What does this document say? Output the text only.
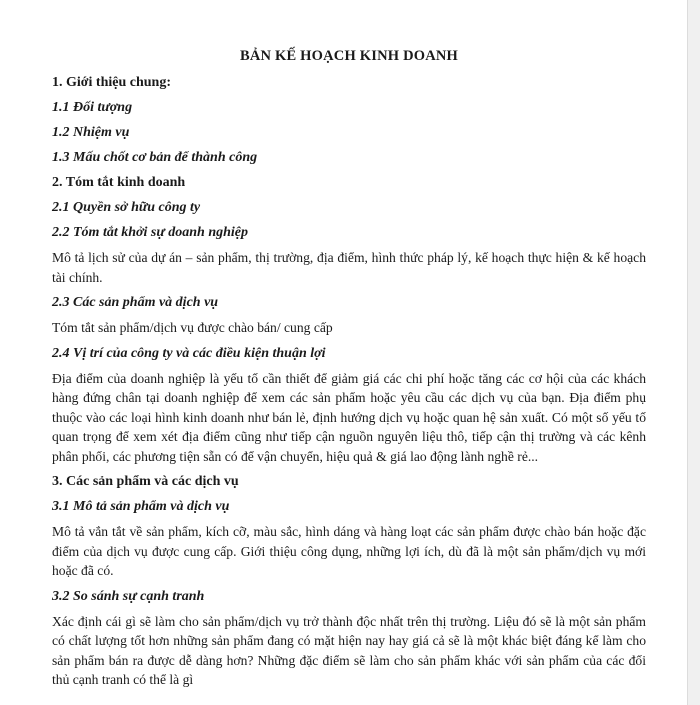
BẢN KẾ HOẠCH KINH DOANH
1. Giới thiệu chung:
1.1 Đối tượng
1.2 Nhiệm vụ
1.3 Mấu chốt cơ bản để thành công
2. Tóm tắt kinh doanh
2.1 Quyền sở hữu công ty
2.2 Tóm tắt khởi sự doanh nghiệp
Mô tả lịch sử của dự án – sản phẩm, thị trường, địa điểm, hình thức pháp lý, kế hoạch thực hiện & kế hoạch tài chính.
2.3 Các sản phẩm và dịch vụ
Tóm tắt sản phẩm/dịch vụ được chào bán/ cung cấp
2.4 Vị trí của công ty và các điều kiện thuận lợi
Địa điểm của doanh nghiệp là yếu tố cần thiết để giảm giá các chi phí hoặc tăng các cơ hội của các khách hàng đứng chân tại doanh nghiệp để xem các sản phẩm hoặc yêu cầu các dịch vụ của bạn. Địa điểm phụ thuộc vào các loại hình kinh doanh như bán lẻ, định hướng dịch vụ hoặc quan hệ sản xuất. Có một số yếu tố quan trọng để xem xét địa điểm cũng như tiếp cận nguồn nguyên liệu thô, tiếp cận thị trường và các kênh phân phối, các phương tiện sẵn có để vận chuyển, hiệu quả & giá lao động lành nghề rẻ...
3. Các sản phẩm và các dịch vụ
3.1 Mô tả sản phẩm và dịch vụ
Mô tả vắn tắt về sản phẩm, kích cỡ, màu sắc, hình dáng và hàng loạt các sản phẩm được chào bán hoặc đặc điểm của dịch vụ được cung cấp. Giới thiệu công dụng, những lợi ích, dù đã là một sản phẩm/dịch vụ mới hoặc đã có.
3.2 So sánh sự cạnh tranh
Xác định cái gì sẽ làm cho sản phẩm/dịch vụ trở thành độc nhất trên thị trường. Liệu đó sẽ là một sản phẩm có chất lượng tốt hơn những sản phẩm đang có mặt hiện nay hay giá cả sẽ là một khác biệt đáng kể làm cho sản phẩm bán ra được dễ dàng hơn? Những đặc điểm sẽ làm cho sản phẩm khác với sản phẩm của các đối thủ cạnh tranh có thể là gì
